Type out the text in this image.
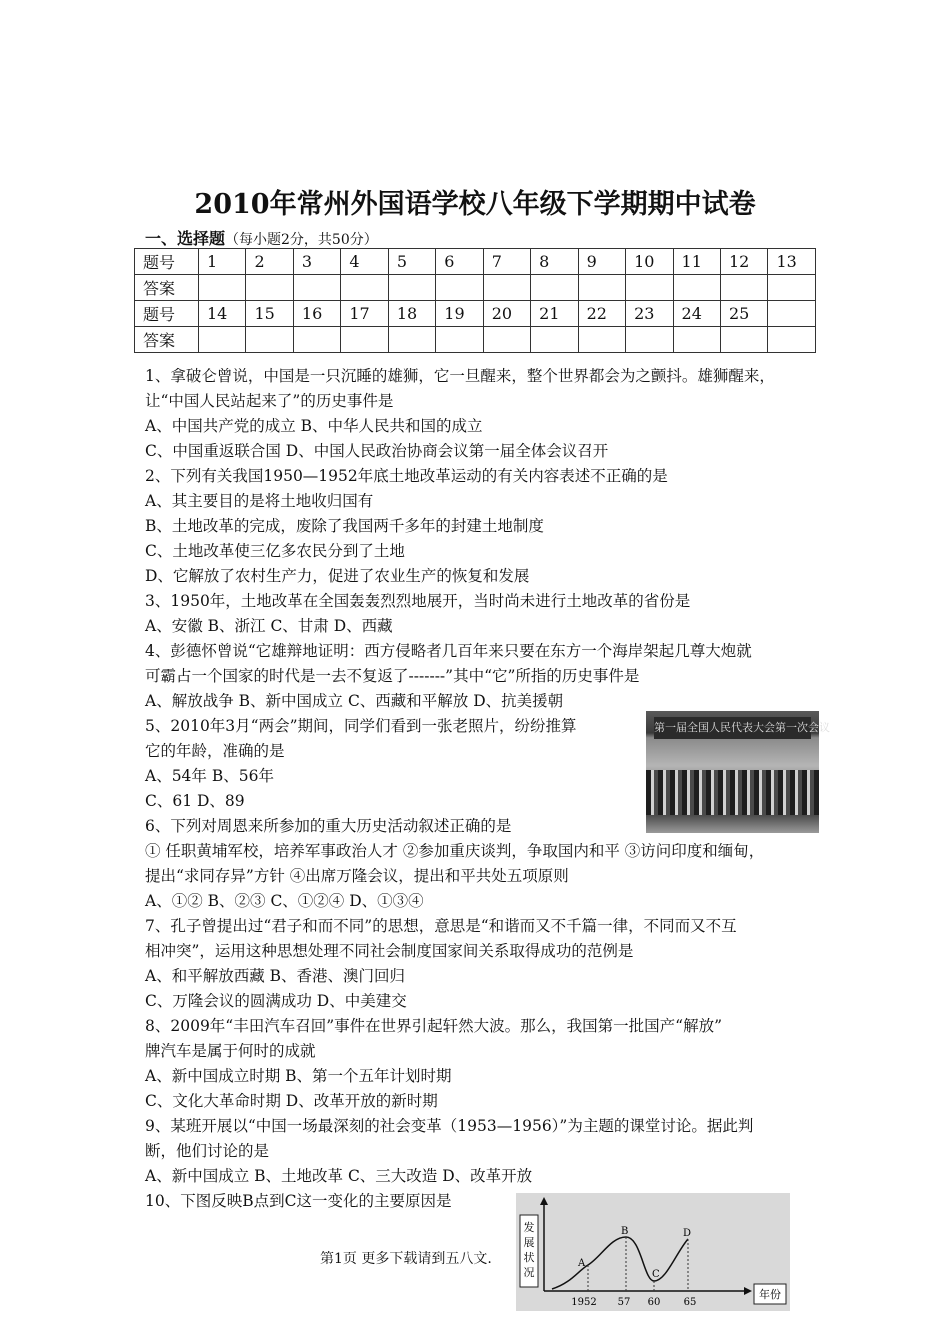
2010年常州外国语学校八年级下学期期中试卷
一、选择题（每小题2分，共50分）
题号	1	2	3	4	5	6	7	8	9	10	11	12	13
答案													
题号	14	15	16	17	18	19	20	21	22	23	24	25	
答案													
1、拿破仑曾说，中国是一只沉睡的雄狮，它一旦醒来，整个世界都会为之颤抖。雄狮醒来，
让“中国人民站起来了”的历史事件是
A、中国共产党的成立 B、中华人民共和国的成立
C、中国重返联合国 D、中国人民政治协商会议第一届全体会议召开
2、下列有关我国1950—1952年底土地改革运动的有关内容表述不正确的是
A、其主要目的是将土地收归国有
B、土地改革的完成，废除了我国两千多年的封建土地制度
C、土地改革使三亿多农民分到了土地
D、它解放了农村生产力，促进了农业生产的恢复和发展
3、1950年，土地改革在全国轰轰烈烈地展开，当时尚未进行土地改革的省份是
A、安徽 B、浙江 C、甘肃 D、西藏
4、彭德怀曾说“它雄辩地证明：西方侵略者几百年来只要在东方一个海岸架起几尊大炮就
可霸占一个国家的时代是一去不复返了-------”其中“它”所指的历史事件是
A、解放战争 B、新中国成立 C、西藏和平解放 D、抗美援朝
5、2010年3月“两会”期间，同学们看到一张老照片，纷纷推算
它的年龄，准确的是
A、54年 B、56年
C、61 D、89
6、下列对周恩来所参加的重大历史活动叙述正确的是
① 任职黄埔军校，培养军事政治人才 ②参加重庆谈判，争取国内和平 ③访问印度和缅甸，
提出“求同存异”方针 ④出席万隆会议，提出和平共处五项原则
A、①② B、②③ C、①②④ D、①③④
7、孔子曾提出过“君子和而不同”的思想，意思是“和谐而又不千篇一律，不同而又不互
相冲突”，运用这种思想处理不同社会制度国家间关系取得成功的范例是
A、和平解放西藏 B、香港、澳门回归
C、万隆会议的圆满成功 D、中美建交
8、2009年“丰田汽车召回”事件在世界引起轩然大波。那么，我国第一批国产“解放”
牌汽车是属于何时的成就
A、新中国成立时期 B、第一个五年计划时期
C、文化大革命时期 D、改革开放的新时期
9、某班开展以“中国一场最深刻的社会变革（1953—1956）”为主题的课堂讨论。据此判
断，他们讨论的是
A、新中国成立 B、土地改革 C、三大改造 D、改革开放
10、下图反映B点到C这一变化的主要原因是
第一届全国人民代表大会第一次会议
第1页 更多下载请到五八文.
发
展
状
况
A
B
C
D
1952 57 60 65
年份
